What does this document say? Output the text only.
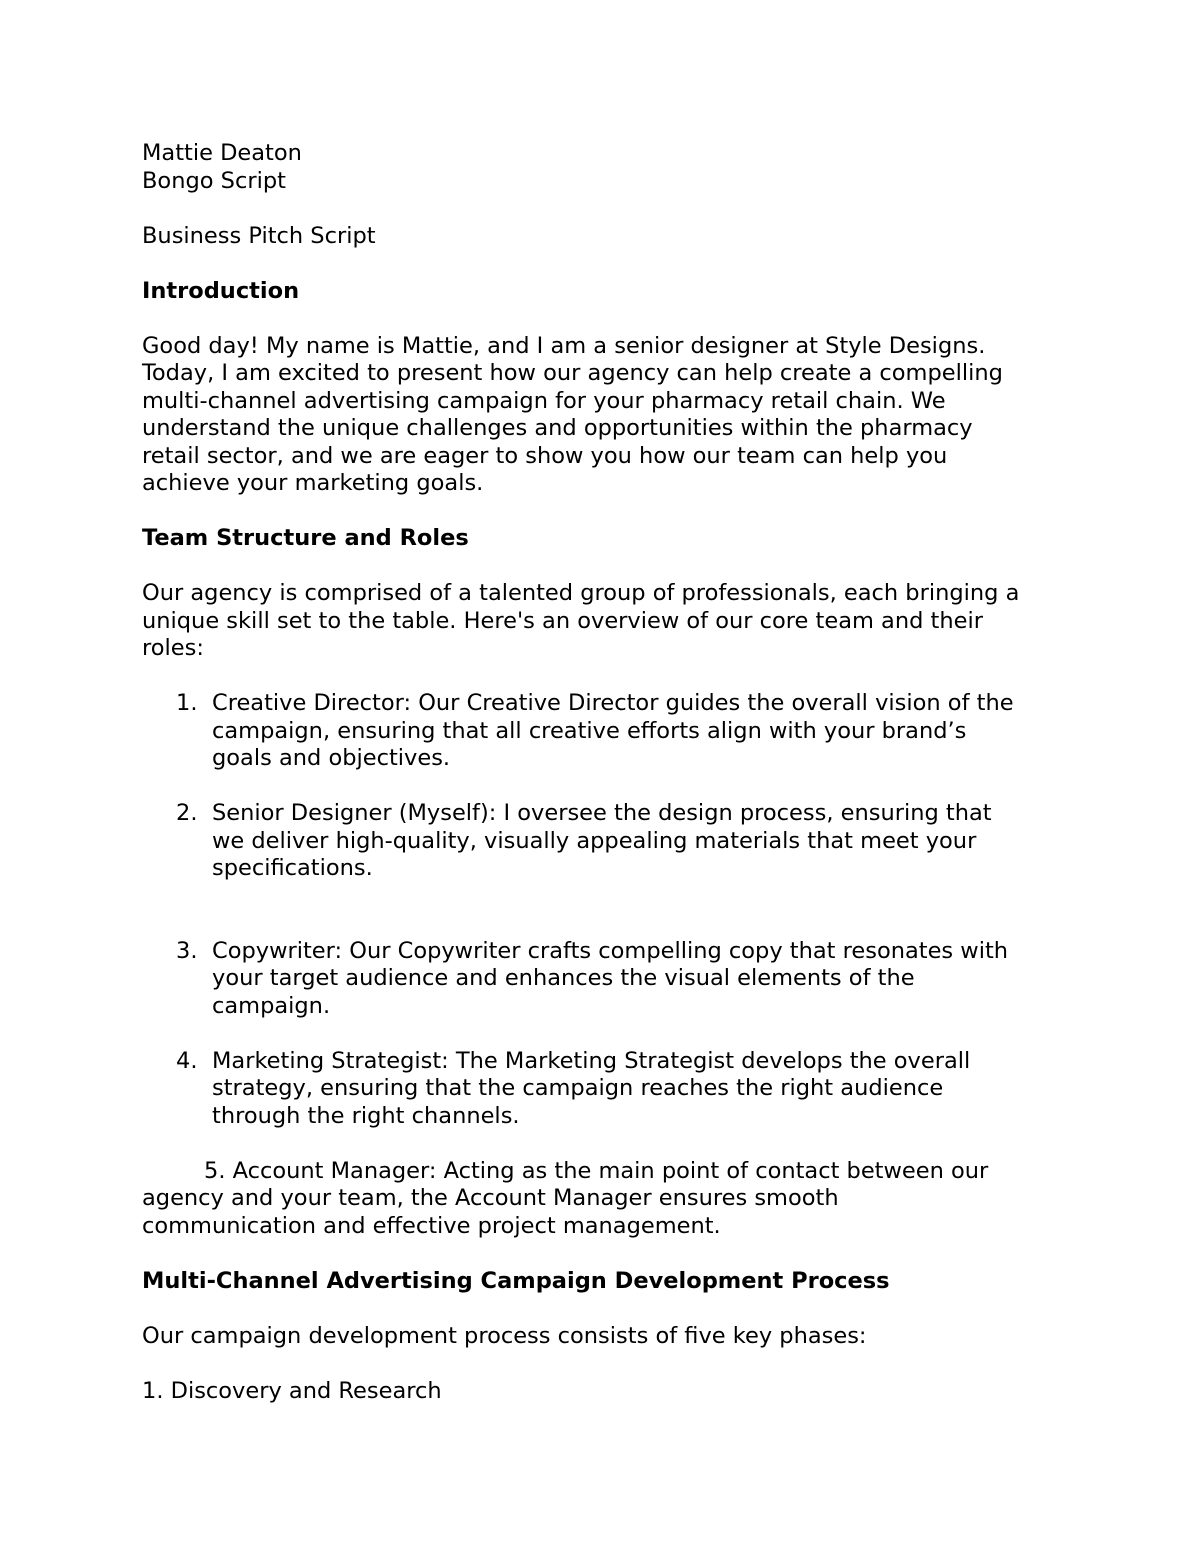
Mattie Deaton

Bongo Script

Business Pitch Script

Introduction

Good day! My name is Mattie, and I am a senior designer at Style Designs.

Today, I am excited to present how our agency can help create a compelling

multi-channel advertising campaign for your pharmacy retail chain. We

understand the unique challenges and opportunities within the pharmacy

retail sector, and we are eager to show you how our team can help you

achieve your marketing goals.

Team Structure and Roles

Our agency is comprised of a talented group of professionals, each bringing a

unique skill set to the table. Here's an overview of our core team and their

roles:

1. Creative Director: Our Creative Director guides the overall vision of the

campaign, ensuring that all creative efforts align with your brand’s

goals and objectives.

2. Senior Designer (Myself): I oversee the design process, ensuring that

we deliver high-quality, visually appealing materials that meet your

specifications.

3. Copywriter: Our Copywriter crafts compelling copy that resonates with

your target audience and enhances the visual elements of the

campaign.

4. Marketing Strategist: The Marketing Strategist develops the overall

strategy, ensuring that the campaign reaches the right audience

through the right channels.

5. Account Manager: Acting as the main point of contact between our

agency and your team, the Account Manager ensures smooth

communication and effective project management.

Multi-Channel Advertising Campaign Development Process

Our campaign development process consists of five key phases:

1. Discovery and Research
